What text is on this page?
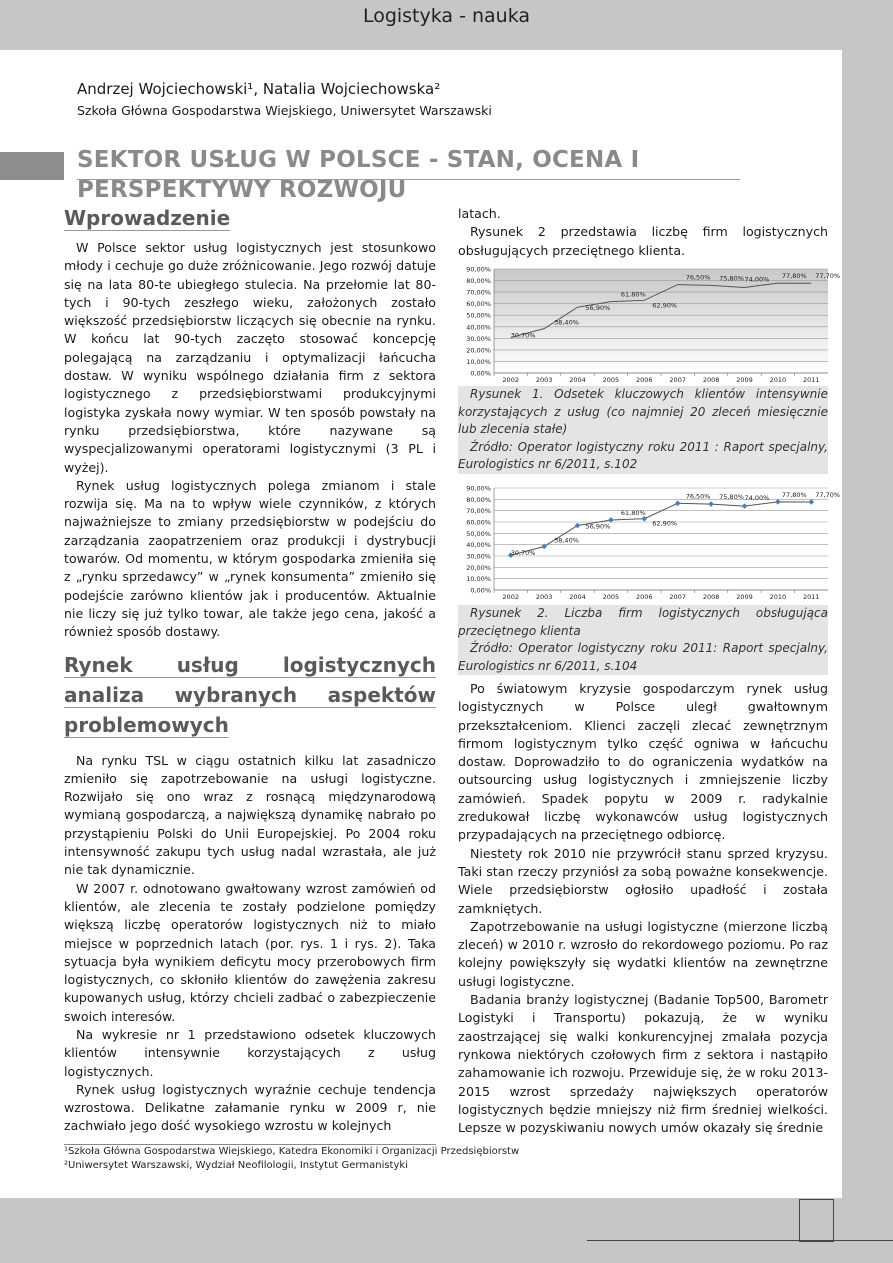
Logistyka - nauka
Andrzej Wojciechowski¹, Natalia Wojciechowska²
Szkoła Główna Gospodarstwa Wiejskiego, Uniwersytet Warszawski
SEKTOR USŁUG W POLSCE - STAN, OCENA I PERSPEKTYWY ROZWOJU
Wprowadzenie

W Polsce sektor usług logistycznych jest stosunkowo młody i cechuje go duże zróżnicowanie. Jego rozwój datuje się na lata 80-te ubiegłego stulecia. Na przełomie lat 80-tych i 90-tych zeszłego wieku, założonych zostało większość przedsiębiorstw liczących się obecnie na rynku. W końcu lat 90-tych zaczęto stosować koncepcję polegającą na zarządzaniu i optymalizacji łańcucha dostaw. W wyniku wspólnego działania firm z sektora logistycznego z przedsiębiorstwami produkcyjnymi logistyka zyskała nowy wymiar. W ten sposób powstały na rynku przedsiębiorstwa, które nazywane są wyspecjalizowanymi operatorami logistycznymi (3 PL i wyżej).

Rynek usług logistycznych polega zmianom i stale rozwija się. Ma na to wpływ wiele czynników, z których najważniejsze to zmiany przedsiębiorstw w podejściu do zarządzania zaopatrzeniem oraz produkcji i dystrybucji towarów. Od momentu, w którym gospodarka zmieniła się z „rynku sprzedawcy” w „rynek konsumenta” zmieniło się podejście zarówno klientów jak i producentów. Aktualnie nie liczy się już tylko towar, ale także jego cena, jakość a również sposób dostawy.

Rynek usług logistycznych analiza wybranych aspektów problemowych

Na rynku TSL w ciągu ostatnich kilku lat zasadniczo zmieniło się zapotrzebowanie na usługi logistyczne. Rozwijało się ono wraz z rosnącą międzynarodową wymianą gospodarczą, a największą dynamikę nabrało po przystąpieniu Polski do Unii Europejskiej. Po 2004 roku intensywność zakupu tych usług nadal wzrastała, ale już nie tak dynamicznie.

W 2007 r. odnotowano gwałtowany wzrost zamówień od klientów, ale zlecenia te zostały podzielone pomiędzy większą liczbę operatorów logistycznych niż to miało miejsce w poprzednich latach (por. rys. 1 i rys. 2). Taka sytuacja była wynikiem deficytu mocy przerobowych firm logistycznych, co skłoniło klientów do zawężenia zakresu kupowanych usług, którzy chcieli zadbać o zabezpieczenie swoich interesów.

Na wykresie nr 1 przedstawiono odsetek kluczowych klientów intensywnie korzystających z usług logistycznych.

Rynek usług logistycznych wyraźnie cechuje tendencja wzrostowa. Delikatne załamanie rynku w 2009 r, nie zachwiało jego dość wysokiego wzrostu w kolejnych

latach.

Rysunek 2 przedstawia liczbę firm logistycznych obsługujących przeciętnego klienta.

0,00%
10,00%
20,00%
30,00%
40,00%
50,00%
60,00%
70,00%
80,00%
90,00%
2002	2003	2004	2005	2006	2007	2008	2009	2010	2011
30,70%
38,40%
56,90%
61,80%
62,90%
76,50% 75,80% 74,00% 77,80% 77,70%

Rysunek 1. Odsetek kluczowych klientów intensywnie korzystających z usług (co najmniej 20 zleceń miesięcznie lub zlecenia stałe)

Źródło: Operator logistyczny roku 2011 : Raport specjalny, Eurologistics nr 6/2011, s.102

0,00%
10,00%
20,00%
30,00%
40,00%
50,00%
60,00%
70,00%
80,00%
90,00%
2002	2003	2004	2005	2006	2007	2008	2009	2010	2011
30,70%
38,40%
56,90%
61,80%
62,90%
76,50% 75,80% 74,00% 77,80% 77,70%

Rysunek 2. Liczba firm logistycznych obsługująca przeciętnego klienta

Źródło: Operator logistyczny roku 2011: Raport specjalny, Eurologistics nr 6/2011, s.104

Po światowym kryzysie gospodarczym rynek usług logistycznych w Polsce uległ gwałtownym przekształceniom. Klienci zaczęli zlecać zewnętrznym firmom logistycznym tylko część ogniwa w łańcuchu dostaw. Doprowadziło to do ograniczenia wydatków na outsourcing usług logistycznych i zmniejszenie liczby zamówień. Spadek popytu w 2009 r. radykalnie zredukował liczbę wykonawców usług logistycznych przypadających na przeciętnego odbiorcę.

Niestety rok 2010 nie przywrócił stanu sprzed kryzysu. Taki stan rzeczy przyniósł za sobą poważne konsekwencje. Wiele przedsiębiorstw ogłosiło upadłość i została zamkniętych.

Zapotrzebowanie na usługi logistyczne (mierzone liczbą zleceń) w 2010 r. wzrosło do rekordowego poziomu. Po raz kolejny powiększyły się wydatki klientów na zewnętrzne usługi logistyczne.

Badania branży logistycznej (Badanie Top500, Barometr Logistyki i Transportu) pokazują, że w wyniku zaostrzającej się walki konkurencyjnej zmalała pozycja rynkowa niektórych czołowych firm z sektora i nastąpiło zahamowanie ich rozwoju. Przewiduje się, że w roku 2013-2015 wzrost sprzedaży największych operatorów logistycznych będzie mniejszy niż firm średniej wielkości. Lepsze w pozyskiwaniu nowych umów okazały się średnie

¹Szkoła Główna Gospodarstwa Wiejskiego, Katedra Ekonomiki i Organizacji Przedsiębiorstw
²Uniwersytet Warszawski, Wydział Neofilologii, Instytut Germanistyki
